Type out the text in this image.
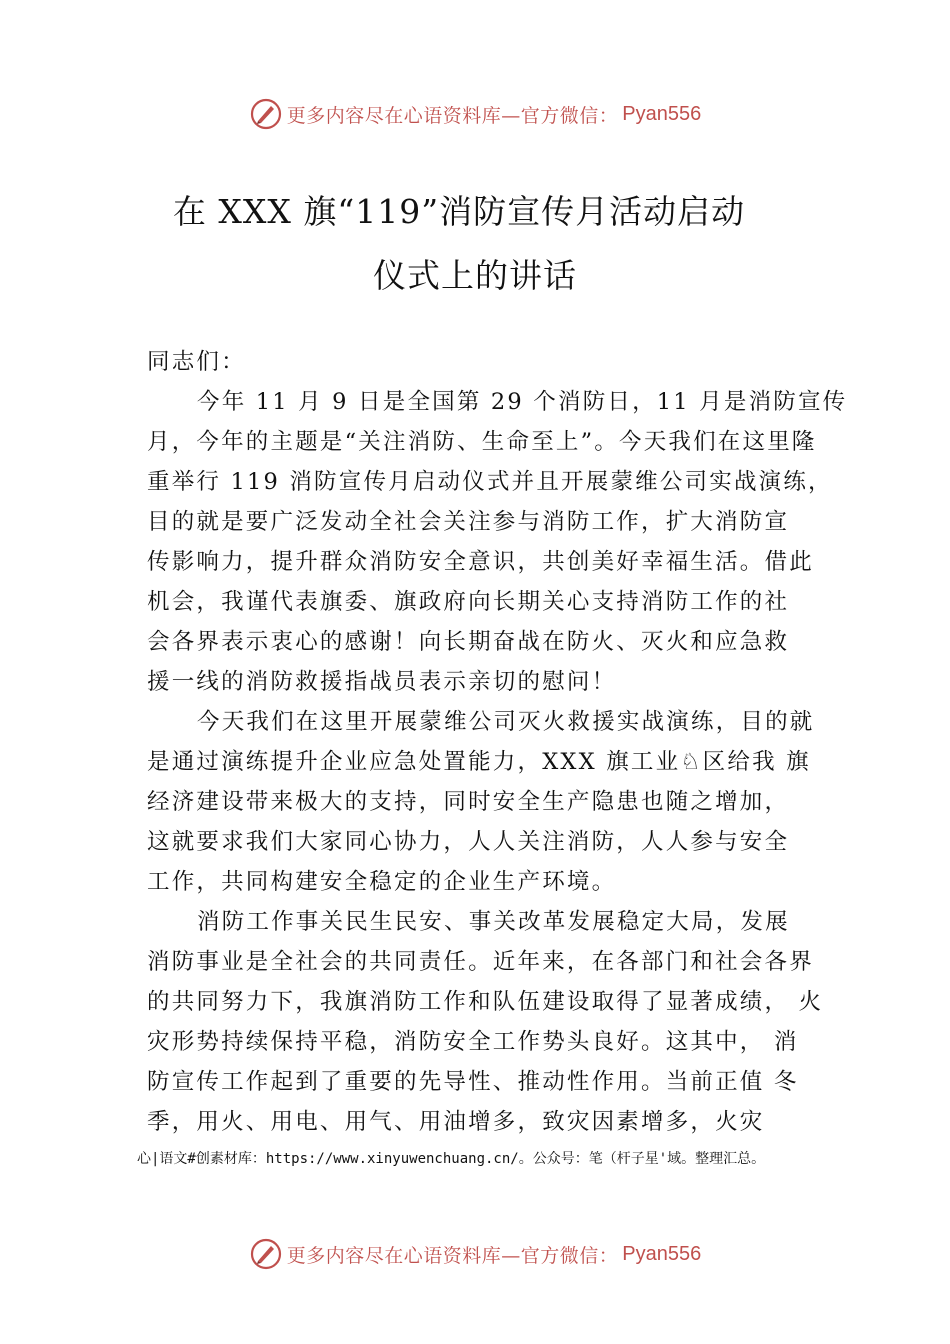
更多内容尽在心语资料库—官方微信： Pyan556
在 XXX 旗“119”消防宣传月活动启动
仪式上的讲话
同志们：
今年 11 月 9 日是全国第 29 个消防日，11 月是消防宣传
月，今年的主题是“关注消防、生命至上”。今天我们在这里隆
重举行 119 消防宣传月启动仪式并且开展蒙维公司实战演练，
目的就是要广泛发动全社会关注参与消防工作，扩大消防宣
传影响力，提升群众消防安全意识，共创美好幸福生活。借此
机会，我谨代表旗委、旗政府向长期关心支持消防工作的社
会各界表示衷心的感谢！向长期奋战在防火、灭火和应急救
援一线的消防救援指战员表示亲切的慰问！
今天我们在这里开展蒙维公司灭火救援实战演练，目的就
是通过演练提升企业应急处置能力，XXX 旗工业♘区给我 旗
经济建设带来极大的支持，同时安全生产隐患也随之增加，
这就要求我们大家同心协力，人人关注消防，人人参与安全
工作，共同构建安全稳定的企业生产环境。
消防工作事关民生民安、事关改革发展稳定大局，发展
消防事业是全社会的共同责任。近年来，在各部门和社会各界
的共同努力下，我旗消防工作和队伍建设取得了显著成绩， 火
灾形势持续保持平稳，消防安全工作势头良好。这其中， 消
防宣传工作起到了重要的先导性、推动性作用。当前正值 冬
季，用火、用电、用气、用油增多，致灾因素增多，火灾
心|语文#创素材库：https://www.xinyuwenchuang.cn/。公众号：笔（杆子星'域。整理汇总。
更多内容尽在心语资料库—官方微信： Pyan556
